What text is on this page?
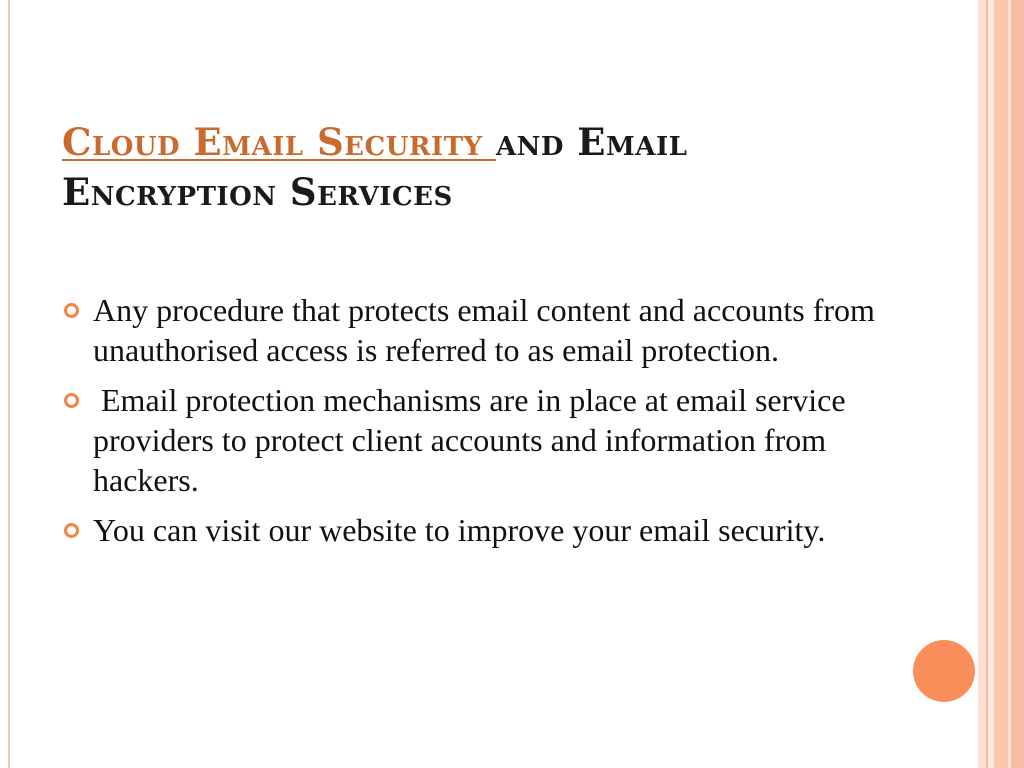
Cloud Email Security and Email Encryption Services
Any procedure that protects email content and accounts from unauthorised access is referred to as email protection.
Email protection mechanisms are in place at email service providers to protect client accounts and information from hackers.
You can visit our website to improve your email security.
